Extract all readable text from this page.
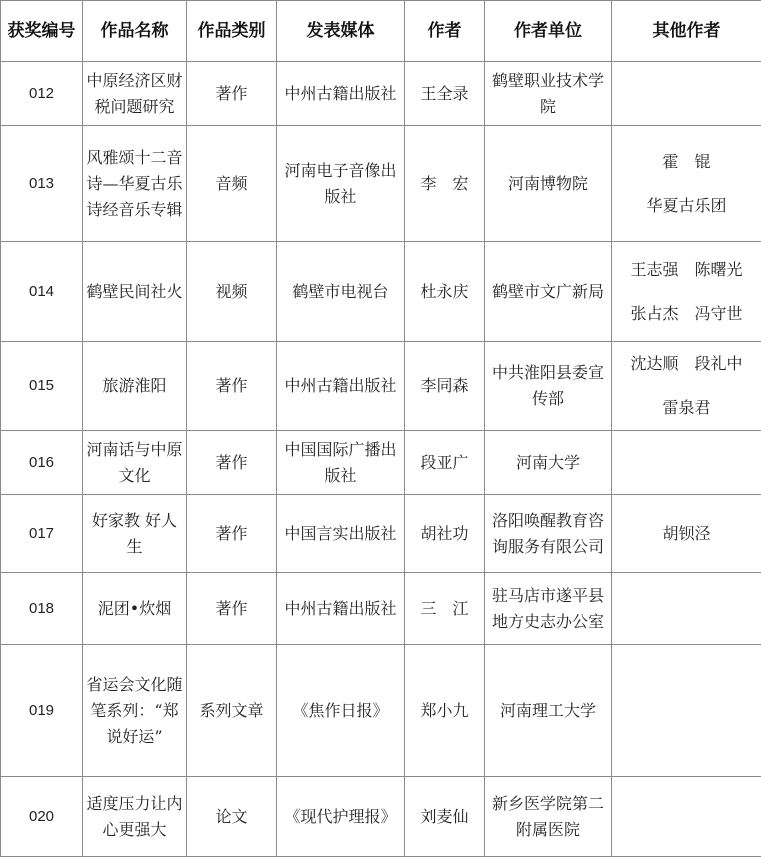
获奖编号	作品名称	作品类别	发表媒体	作者	作者单位	其他作者
012	中原经济区财税问题研究	著作	中州古籍出版社	王全录	鹤壁职业技术学院	
013	风雅颂十二音诗—华夏古乐诗经音乐专辑	音频	河南电子音像出版社	李　宏	河南博物院	霍　锟
华夏古乐团

014	鹤壁民间社火	视频	鹤壁市电视台	杜永庆	鹤壁市文广新局	王志强　陈曙光
张占杰　冯守世

015	旅游淮阳	著作	中州古籍出版社	李同森	中共淮阳县委宣传部	沈达顺　段礼中
雷泉君

016	河南话与中原文化	著作	中国国际广播出版社	段亚广	河南大学	
017	好家教 好人生	著作	中国言实出版社	胡社功	洛阳唤醒教育咨询服务有限公司	胡钡泾

018	泥团•炊烟	著作	中州古籍出版社	三　江	驻马店市遂平县地方史志办公室	
019	省运会文化随笔系列：“郑说好运”	系列文章	《焦作日报》	郑小九	河南理工大学	
020	适度压力让内心更强大	论文	《现代护理报》	刘麦仙	新乡医学院第二附属医院	
